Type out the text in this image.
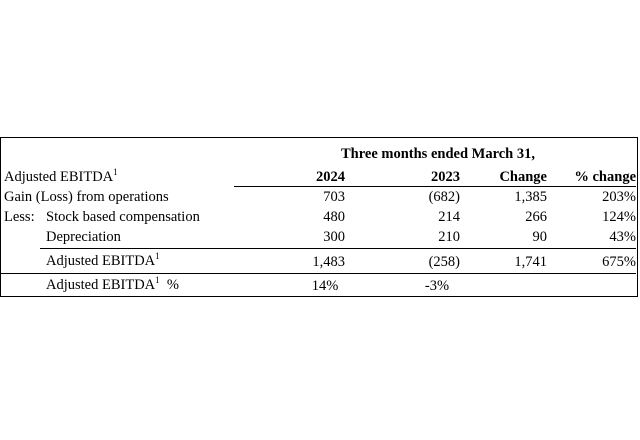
Three months ended March 31,
Adjusted EBITDA$^1$	2024	2023	Change	% change
Gain (Loss) from operations	703	(682)	1,385	203%
Less: Stock based compensation	480	214	266	124%
Depreciation	300	210	90	43%
Adjusted EBITDA$^1$	1,483	(258)	1,741	675%
Adjusted EBITDA$^1$ %	14%	-3%
